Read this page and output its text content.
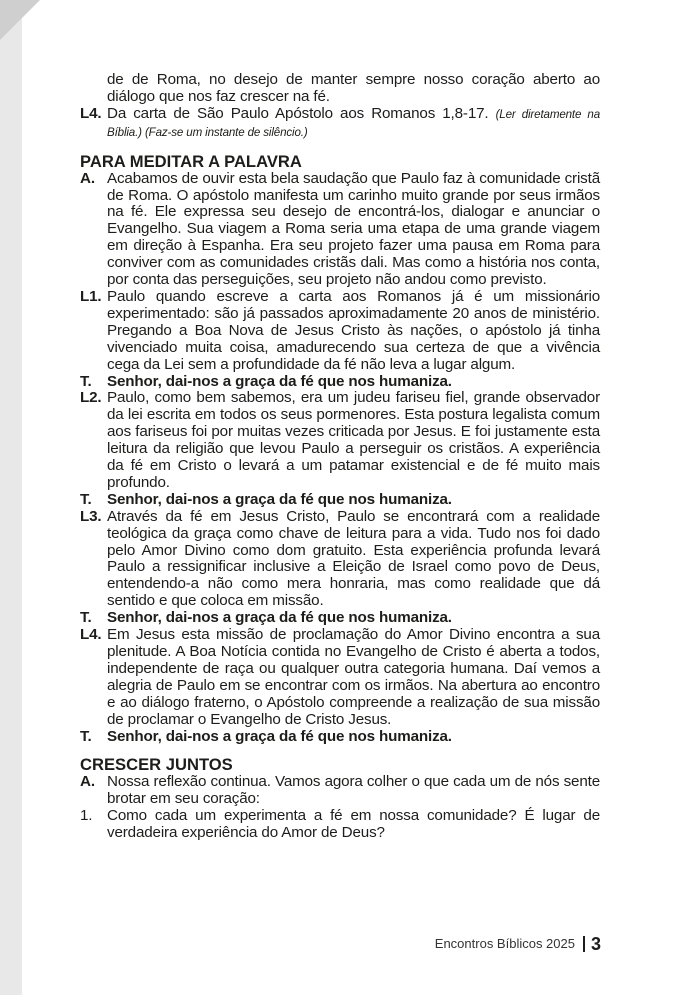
de de Roma, no desejo de manter sempre nosso coração aberto ao diálogo que nos faz crescer na fé.
L4. Da carta de São Paulo Apóstolo aos Romanos 1,8-17. (Ler diretamente na Bíblia.) (Faz-se um instante de silêncio.)
PARA MEDITAR A PALAVRA
A. Acabamos de ouvir esta bela saudação que Paulo faz à comunidade cristã de Roma. O apóstolo manifesta um carinho muito grande por seus irmãos na fé. Ele expressa seu desejo de encontrá-los, dialogar e anunciar o Evangelho. Sua viagem a Roma seria uma etapa de uma grande viagem em direção à Espanha. Era seu projeto fazer uma pausa em Roma para conviver com as comunidades cristãs dali. Mas como a história nos conta, por conta das perseguições, seu projeto não andou como previsto.
L1. Paulo quando escreve a carta aos Romanos já é um missionário experimentado: são já passados aproximadamente 20 anos de ministério. Pregando a Boa Nova de Jesus Cristo às nações, o apóstolo já tinha vivenciado muita coisa, amadurecendo sua certeza de que a vivência cega da Lei sem a profundidade da fé não leva a lugar algum.
T. Senhor, dai-nos a graça da fé que nos humaniza.
L2. Paulo, como bem sabemos, era um judeu fariseu fiel, grande observador da lei escrita em todos os seus pormenores. Esta postura legalista comum aos fariseus foi por muitas vezes criticada por Jesus. E foi justamente esta leitura da religião que levou Paulo a perseguir os cristãos. A experiência da fé em Cristo o levará a um patamar existencial e de fé muito mais profundo.
T. Senhor, dai-nos a graça da fé que nos humaniza.
L3. Através da fé em Jesus Cristo, Paulo se encontrará com a realidade teológica da graça como chave de leitura para a vida. Tudo nos foi dado pelo Amor Divino como dom gratuito. Esta experiência profunda levará Paulo a ressignificar inclusive a Eleição de Israel como povo de Deus, entendendo-a não como mera honraria, mas como realidade que dá sentido e que coloca em missão.
T. Senhor, dai-nos a graça da fé que nos humaniza.
L4. Em Jesus esta missão de proclamação do Amor Divino encontra a sua plenitude. A Boa Notícia contida no Evangelho de Cristo é aberta a todos, independente de raça ou qualquer outra categoria humana. Daí vemos a alegria de Paulo em se encontrar com os irmãos. Na abertura ao encontro e ao diálogo fraterno, o Apóstolo compreende a realização de sua missão de proclamar o Evangelho de Cristo Jesus.
T. Senhor, dai-nos a graça da fé que nos humaniza.
CRESCER JUNTOS
A. Nossa reflexão continua. Vamos agora colher o que cada um de nós sente brotar em seu coração:
1. Como cada um experimenta a fé em nossa comunidade? É lugar de verdadeira experiência do Amor de Deus?
Encontros Bíblicos 2025 3
